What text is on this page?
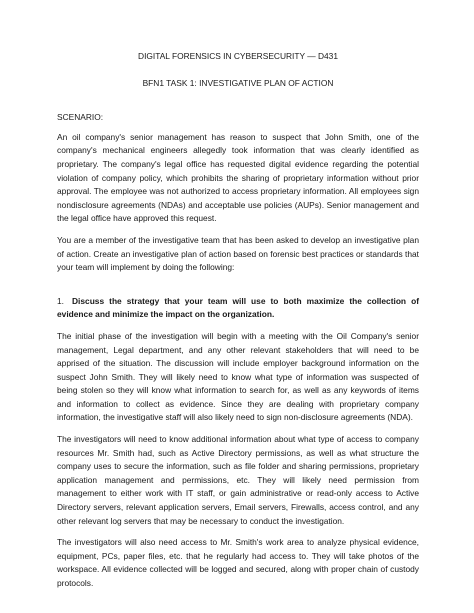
DIGITAL FORENSICS IN CYBERSECURITY — D431
BFN1 TASK 1: INVESTIGATIVE PLAN OF ACTION
SCENARIO:

An oil company's senior management has reason to suspect that John Smith, one of the company's mechanical engineers allegedly took information that was clearly identified as proprietary. The company's legal office has requested digital evidence regarding the potential violation of company policy, which prohibits the sharing of proprietary information without prior approval. The employee was not authorized to access proprietary information. All employees sign nondisclosure agreements (NDAs) and acceptable use policies (AUPs). Senior management and the legal office have approved this request.

You are a member of the investigative team that has been asked to develop an investigative plan of action. Create an investigative plan of action based on forensic best practices or standards that your team will implement by doing the following:

1. Discuss the strategy that your team will use to both maximize the collection of evidence and minimize the impact on the organization.

The initial phase of the investigation will begin with a meeting with the Oil Company's senior management, Legal department, and any other relevant stakeholders that will need to be apprised of the situation. The discussion will include employer background information on the suspect John Smith. They will likely need to know what type of information was suspected of being stolen so they will know what information to search for, as well as any keywords of items and information to collect as evidence. Since they are dealing with proprietary company information, the investigative staff will also likely need to sign non-disclosure agreements (NDA).

The investigators will need to know additional information about what type of access to company resources Mr. Smith had, such as Active Directory permissions, as well as what structure the company uses to secure the information, such as file folder and sharing permissions, proprietary application management and permissions, etc. They will likely need permission from management to either work with IT staff, or gain administrative or read-only access to Active Directory servers, relevant application servers, Email servers, Firewalls, access control, and any other relevant log servers that may be necessary to conduct the investigation.

The investigators will also need access to Mr. Smith's work area to analyze physical evidence, equipment, PCs, paper files, etc. that he regularly had access to. They will take photos of the workspace. All evidence collected will be logged and secured, along with proper chain of custody protocols.
